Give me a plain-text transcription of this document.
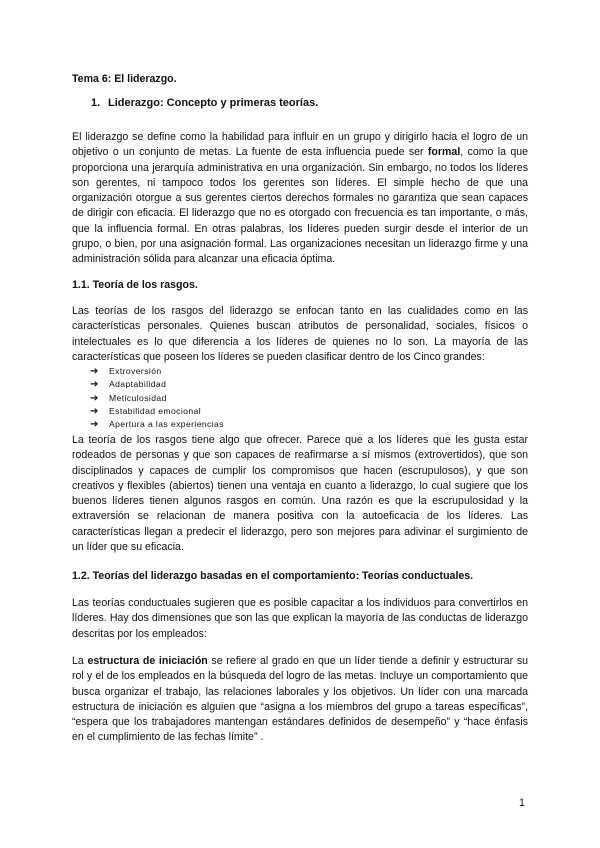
Tema 6: El liderazgo.

1. Liderazgo: Concepto y primeras teorías.

El liderazgo se define como la habilidad para influir en un grupo y dirigirlo hacia el logro de un objetivo o un conjunto de metas. La fuente de esta influencia puede ser formal, como la que proporciona una jerarquía administrativa en una organización. Sin embargo, no todos los líderes son gerentes, ni tampoco todos los gerentes son líderes. El simple hecho de que una organización otorgue a sus gerentes ciertos derechos formales no garantiza que sean capaces de dirigir con eficacia. El liderazgo que no es otorgado con frecuencia es tan importante, o más, que la influencia formal. En otras palabras, los líderes pueden surgir desde el interior de un grupo, o bien, por una asignación formal. Las organizaciones necesitan un liderazgo firme y una administración sólida para alcanzar una eficacia óptima.

1.1. Teoría de los rasgos.

Las teorías de los rasgos del liderazgo se enfocan tanto en las cualidades como en las características personales. Quienes buscan atributos de personalidad, sociales, físicos o intelectuales es lo que diferencia a los líderes de quienes no lo son. La mayoría de las características que poseen los líderes se pueden clasificar dentro de los Cinco grandes:

➔ Extroversión
➔ Adaptabilidad
➔ Meticulosidad
➔ Estabilidad emocional
➔ Apertura a las experiencias

La teoría de los rasgos tiene algo que ofrecer. Parece que a los líderes que les gusta estar rodeados de personas y que son capaces de reafirmarse a sí mismos (extrovertidos), que son disciplinados y capaces de cumplir los compromisos que hacen (escrupulosos), y que son creativos y flexibles (abiertos) tienen una ventaja en cuanto a liderazgo, lo cual sugiere que los buenos líderes tienen algunos rasgos en común. Una razón es que la escrupulosidad y la extraversión se relacionan de manera positiva con la autoeficacia de los líderes. Las características llegan a predecir el liderazgo, pero son mejores para adivinar el surgimiento de un líder que su eficacia.

1.2. Teorías del liderazgo basadas en el comportamiento: Teorías conductuales.

Las teorías conductuales sugieren que es posible capacitar a los individuos para convertirlos en líderes. Hay dos dimensiones que son las que explican la mayoría de las conductas de liderazgo descritas por los empleados:

La estructura de iniciación se refiere al grado en que un líder tiende a definir y estructurar su rol y el de los empleados en la búsqueda del logro de las metas. Incluye un comportamiento que busca organizar el trabajo, las relaciones laborales y los objetivos. Un líder con una marcada estructura de iniciación es alguien que “asigna a los miembros del grupo a tareas específicas”, “espera que los trabajadores mantengan estándares definidos de desempeño” y “hace énfasis en el cumplimiento de las fechas límite” .

1
